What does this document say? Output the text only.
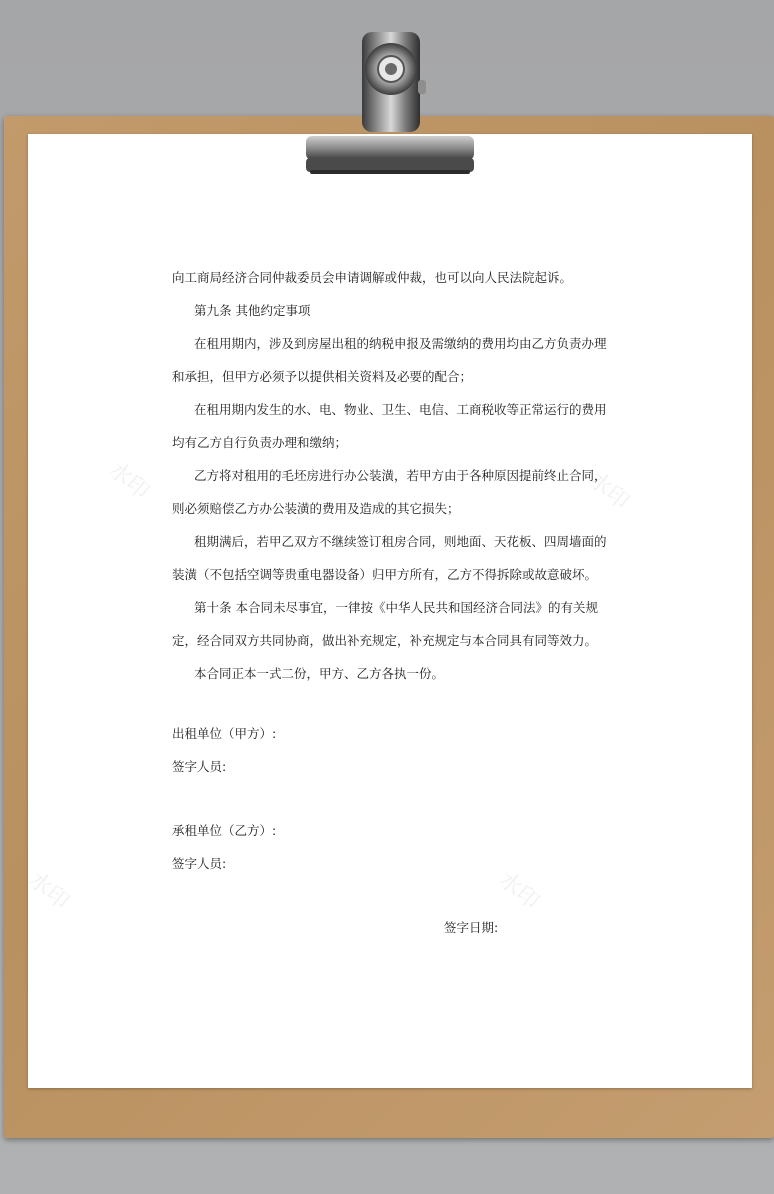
水印	水印
水印	水印
向工商局经济合同仲裁委员会申请调解或仲裁，也可以向人民法院起诉。
第九条 其他约定事项
在租用期内，涉及到房屋出租的纳税申报及需缴纳的费用均由乙方负责办理
和承担，但甲方必须予以提供相关资料及必要的配合；
在租用期内发生的水、电、物业、卫生、电信、工商税收等正常运行的费用
均有乙方自行负责办理和缴纳；
乙方将对租用的毛坯房进行办公装潢，若甲方由于各种原因提前终止合同，
则必须赔偿乙方办公装潢的费用及造成的其它损失；
租期满后，若甲乙双方不继续签订租房合同，则地面、天花板、四周墙面的
装潢（不包括空调等贵重电器设备）归甲方所有，乙方不得拆除或故意破坏。
第十条 本合同未尽事宜，一律按《中华人民共和国经济合同法》的有关规
定，经合同双方共同协商，做出补充规定，补充规定与本合同具有同等效力。
本合同正本一式二份，甲方、乙方各执一份。
出租单位（甲方）:
签字人员:
承租单位（乙方）:
签字人员:
签字日期:
